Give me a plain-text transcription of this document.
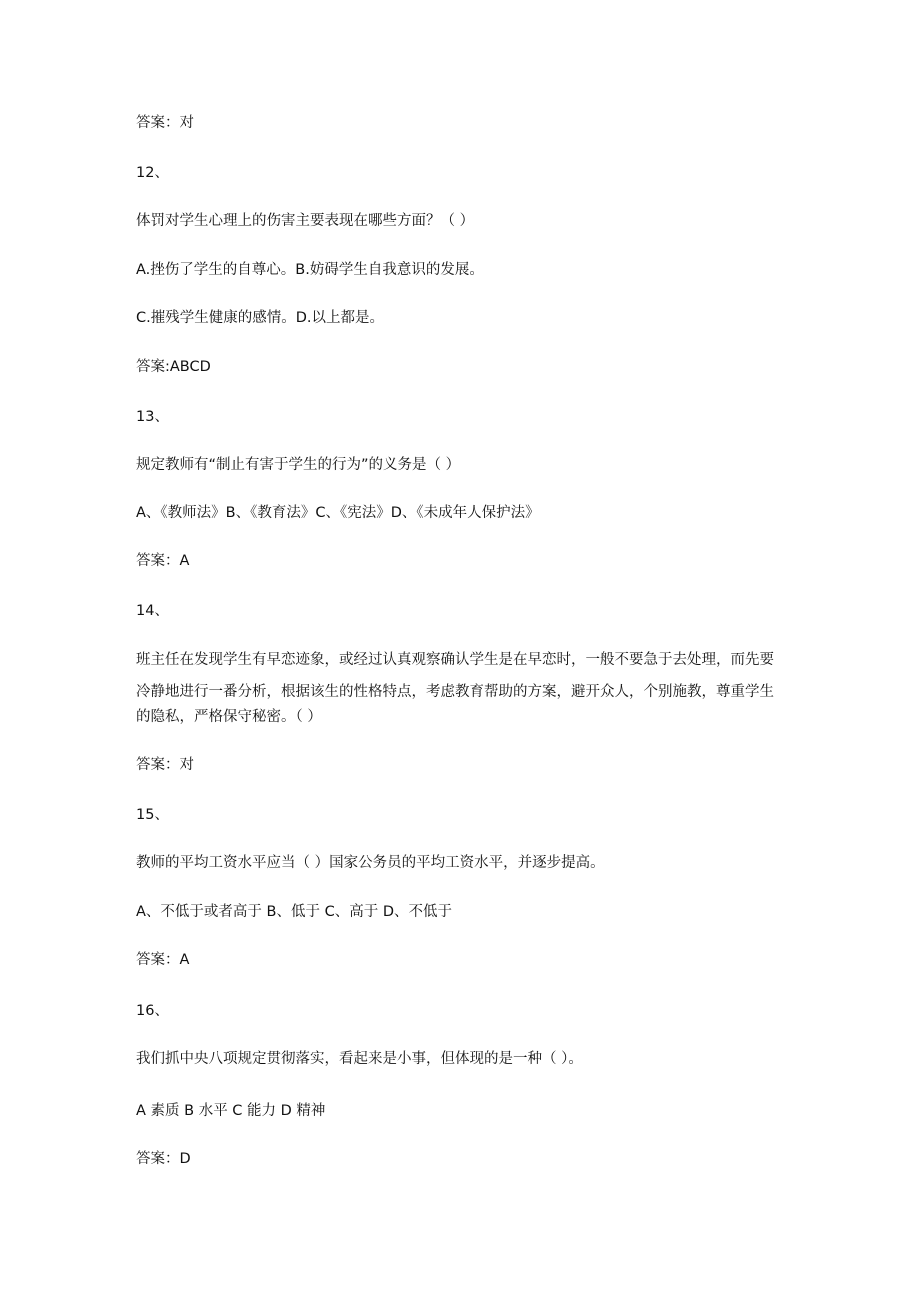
答案：对
12、
体罚对学生心理上的伤害主要表现在哪些方面？（ ）
A.挫伤了学生的自尊心。B.妨碍学生自我意识的发展。
C.摧残学生健康的感情。D.以上都是。
答案:ABCD
13、
规定教师有“制止有害于学生的行为”的义务是（ ）
A、《教师法》B、《教育法》C、《宪法》D、《未成年人保护法》
答案：A
14、
班主任在发现学生有早恋迹象，或经过认真观察确认学生是在早恋时，一般不要急于去处理，而先要
冷静地进行一番分析，根据该生的性格特点，考虑教育帮助的方案，避开众人，个别施教，尊重学生
的隐私，严格保守秘密。（ ）
答案：对
15、
教师的平均工资水平应当（ ）国家公务员的平均工资水平，并逐步提高。
A、不低于或者高于 B、低于 C、高于 D、不低于
答案：A
16、
我们抓中央八项规定贯彻落实，看起来是小事，但体现的是一种（ ）。
A 素质 B 水平 C 能力 D 精神
答案：D
